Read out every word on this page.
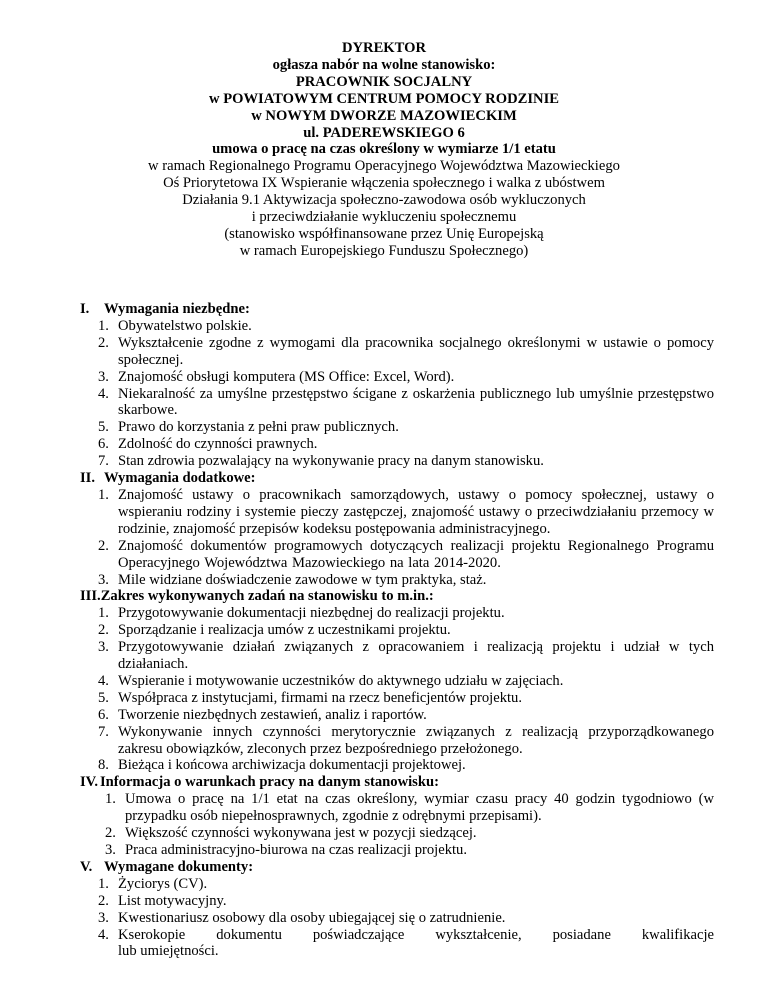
DYREKTOR
ogłasza nabór na wolne stanowisko:
PRACOWNIK SOCJALNY
w POWIATOWYM CENTRUM POMOCY RODZINIE
w NOWYM DWORZE MAZOWIECKIM
ul. PADEREWSKIEGO 6
umowa o pracę na czas określony w wymiarze 1/1 etatu
w ramach Regionalnego Programu Operacyjnego Województwa Mazowieckiego
Oś Priorytetowa IX Wspieranie włączenia społecznego i walka z ubóstwem
Działania 9.1 Aktywizacja społeczno-zawodowa osób wykluczonych
i przeciwdziałanie wykluczeniu społecznemu
(stanowisko współfinansowane przez Unię Europejską
w ramach Europejskiego Funduszu Społecznego)
I.	Wymagania niezbędne:
1. Obywatelstwo polskie.
2. Wykształcenie zgodne z wymogami dla pracownika socjalnego określonymi w ustawie o pomocy społecznej.
3. Znajomość obsługi komputera (MS Office: Excel, Word).
4. Niekaralność za umyślne przestępstwo ścigane z oskarżenia publicznego lub umyślnie przestępstwo skarbowe.
5. Prawo do korzystania z pełni praw publicznych.
6. Zdolność do czynności prawnych.
7. Stan zdrowia pozwalający na wykonywanie pracy na danym stanowisku.
II. Wymagania dodatkowe:
1. Znajomość ustawy o pracownikach samorządowych, ustawy o pomocy społecznej, ustawy o wspieraniu rodziny i systemie pieczy zastępczej, znajomość ustawy o przeciwdziałaniu przemocy w rodzinie, znajomość przepisów kodeksu postępowania administracyjnego.
2. Znajomość dokumentów programowych dotyczących realizacji projektu Regionalnego Programu Operacyjnego Województwa Mazowieckiego na lata 2014-2020.
3. Mile widziane doświadczenie zawodowe w tym praktyka, staż.
III. Zakres wykonywanych zadań na stanowisku to m.in.:
1. Przygotowywanie dokumentacji niezbędnej do realizacji projektu.
2. Sporządzanie i realizacja umów z uczestnikami projektu.
3. Przygotowywanie działań związanych z opracowaniem i realizacją projektu i udział w tych działaniach.
4. Wspieranie i motywowanie uczestników do aktywnego udziału w zajęciach.
5. Współpraca z instytucjami, firmami na rzecz beneficjentów projektu.
6. Tworzenie niezbędnych zestawień, analiz i raportów.
7. Wykonywanie innych czynności merytorycznie związanych z realizacją przyporządkowanego zakresu obowiązków, zleconych przez bezpośredniego przełożonego.
8. Bieżąca i końcowa archiwizacja dokumentacji projektowej.
IV. Informacja o warunkach pracy na danym stanowisku:
1. Umowa o pracę na 1/1 etat na czas określony, wymiar czasu pracy 40 godzin tygodniowo (w przypadku osób niepełnosprawnych, zgodnie z odrębnymi przepisami).
2. Większość czynności wykonywana jest w pozycji siedzącej.
3. Praca administracyjno-biurowa na czas realizacji projektu.
V. Wymagane dokumenty:
1. Życiorys (CV).
2. List motywacyjny.
3. Kwestionariusz osobowy dla osoby ubiegającej się o zatrudnienie.
4. Kserokopie dokumentu poświadczające wykształcenie, posiadane kwalifikacje
lub umiejętności.
